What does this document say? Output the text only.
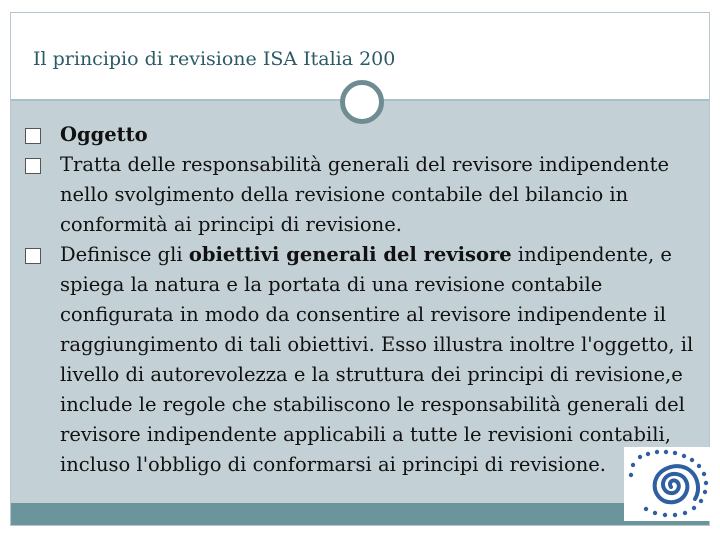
Il principio di revisione ISA Italia 200
Oggetto
Tratta delle responsabilità generali del revisore indipendente nello svolgimento della revisione contabile del bilancio in conformità ai principi di revisione.
Definisce gli obiettivi generali del revisore indipendente, e spiega la natura e la portata di una revisione contabile configurata in modo da consentire al revisore indipendente il raggiungimento di tali obiettivi. Esso illustra inoltre l'oggetto, il livello di autorevolezza e la struttura dei principi di revisione,e include le regole che stabiliscono le responsabilità generali del revisore indipendente applicabili a tutte le revisioni contabili, incluso l'obbligo di conformarsi ai principi di revisione.
